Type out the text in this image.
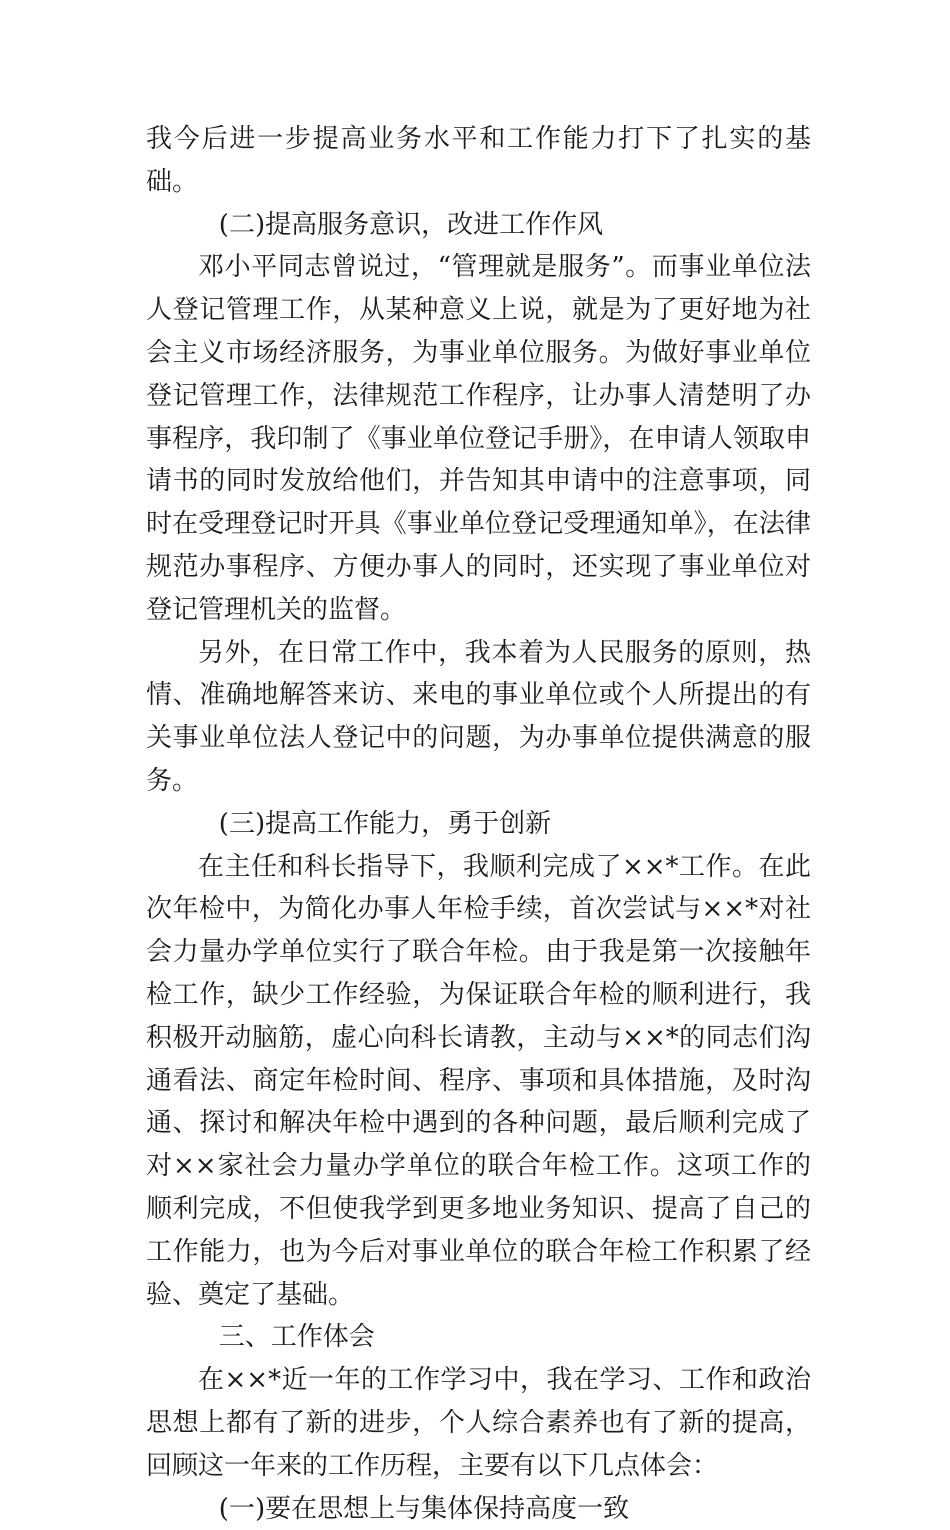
我今后进一步提高业务水平和工作能力打下了扎实的基础。

(二)提高服务意识，改进工作作风

邓小平同志曾说过，“管理就是服务”。而事业单位法人登记管理工作，从某种意义上说，就是为了更好地为社会主义市场经济服务，为事业单位服务。为做好事业单位登记管理工作，法律规范工作程序，让办事人清楚明了办事程序，我印制了《事业单位登记手册》，在申请人领取申请书的同时发放给他们，并告知其申请中的注意事项，同时在受理登记时开具《事业单位登记受理通知单》，在法律规范办事程序、方便办事人的同时，还实现了事业单位对登记管理机关的监督。

另外，在日常工作中，我本着为人民服务的原则，热情、准确地解答来访、来电的事业单位或个人所提出的有关事业单位法人登记中的问题，为办事单位提供满意的服务。

(三)提高工作能力，勇于创新

在主任和科长指导下，我顺利完成了××*工作。在此次年检中，为简化办事人年检手续，首次尝试与××*对社会力量办学单位实行了联合年检。由于我是第一次接触年检工作，缺少工作经验，为保证联合年检的顺利进行，我积极开动脑筋，虚心向科长请教，主动与××*的同志们沟通看法、商定年检时间、程序、事项和具体措施，及时沟通、探讨和解决年检中遇到的各种问题，最后顺利完成了对××家社会力量办学单位的联合年检工作。这项工作的顺利完成，不但使我学到更多地业务知识、提高了自己的工作能力，也为今后对事业单位的联合年检工作积累了经验、奠定了基础。

三、工作体会

在××*近一年的工作学习中，我在学习、工作和政治思想上都有了新的进步，个人综合素养也有了新的提高，回顾这一年来的工作历程，主要有以下几点体会：

(一)要在思想上与集体保持高度一致
